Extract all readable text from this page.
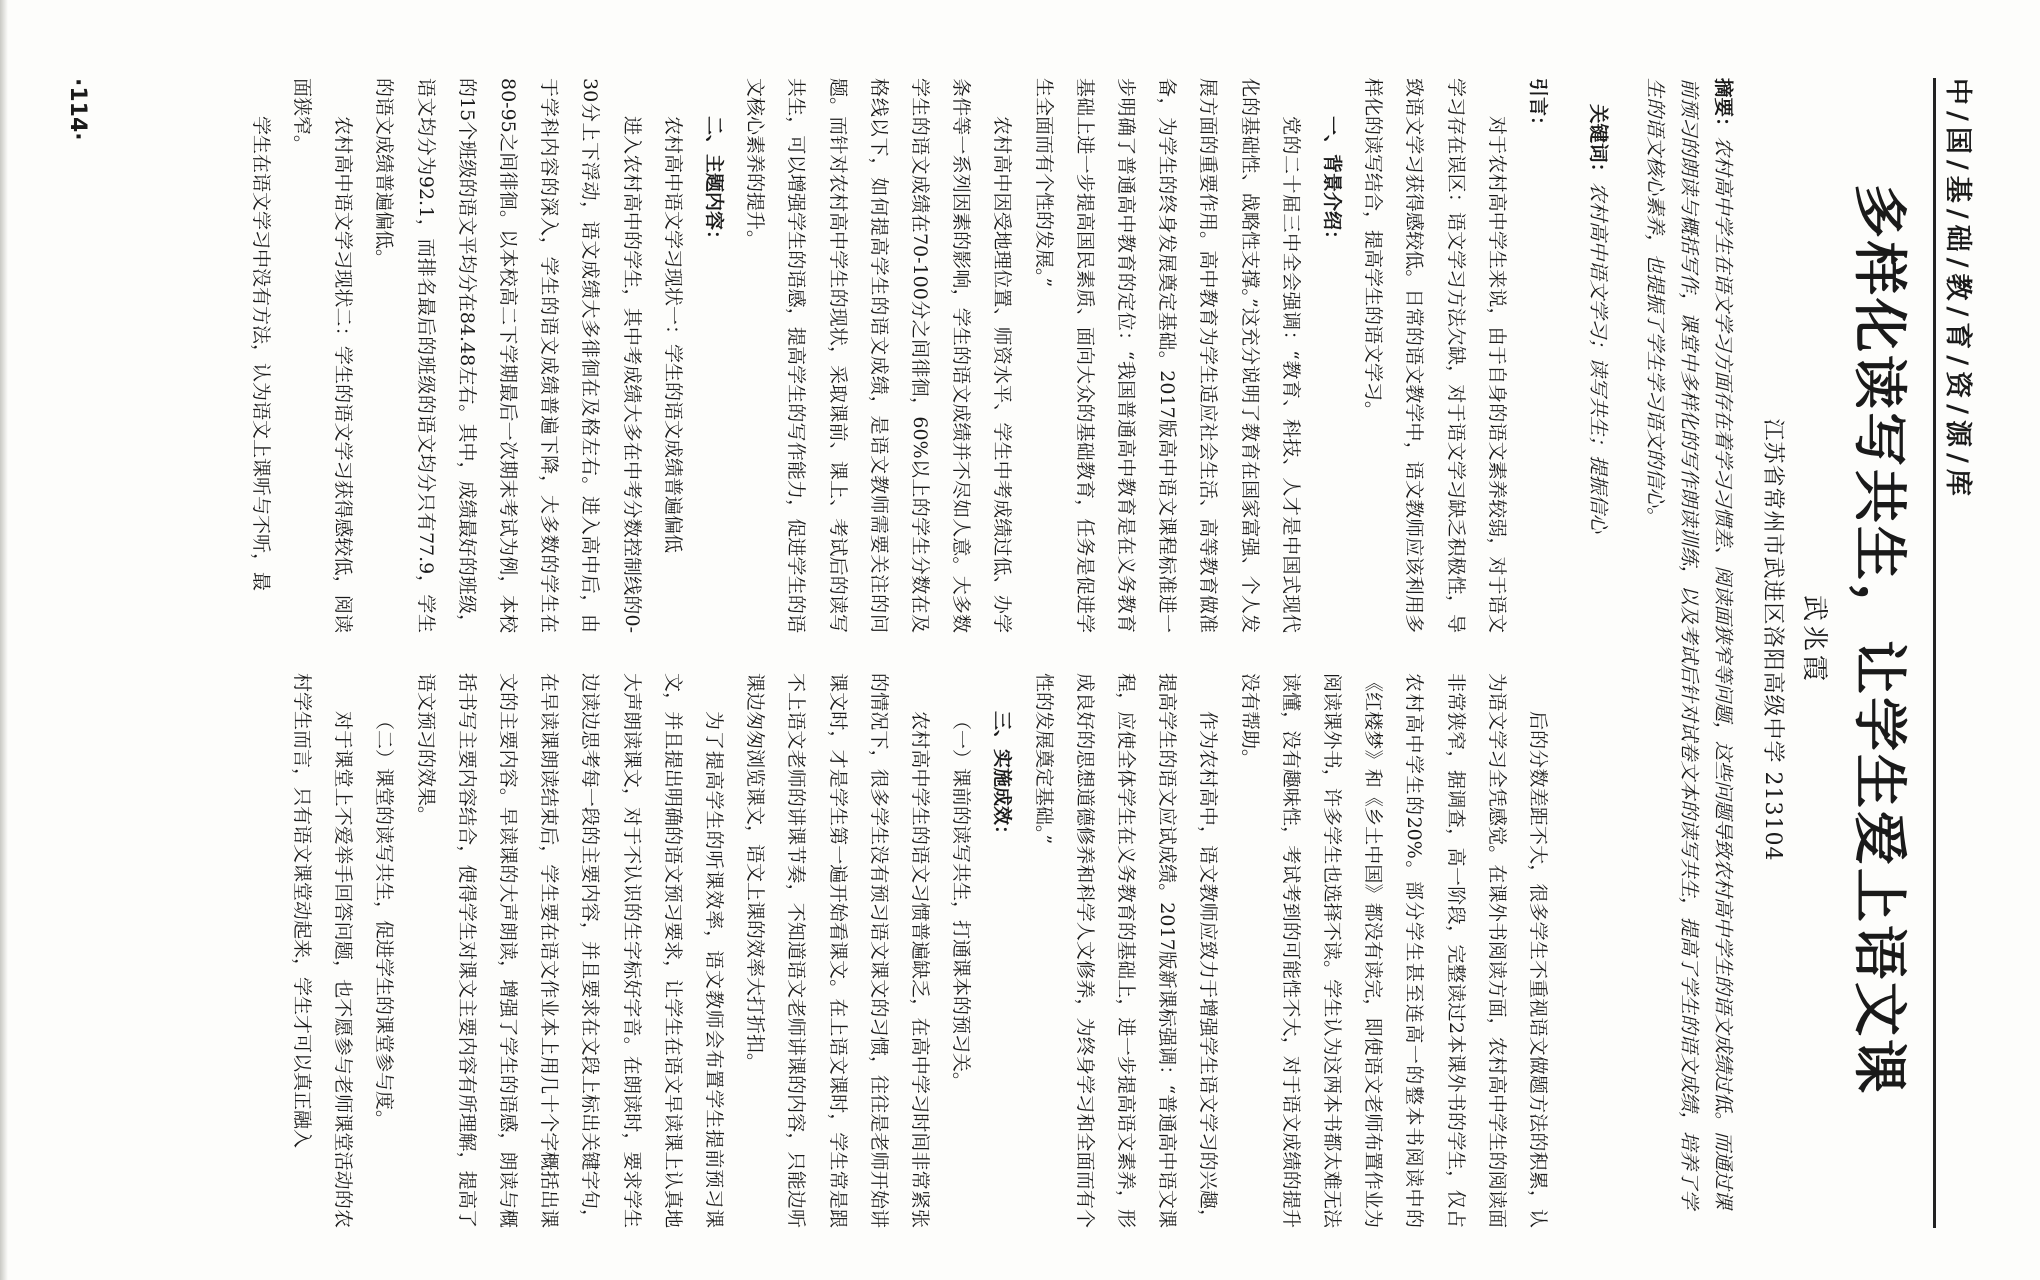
中/国/基/础/教/育/资/源/库
多样化读写共生，让学生爱上语文课
武兆霞
江苏省常州市武进区洛阳高级中学 213104
摘要：农村高中学生在语文学习方面存在着学习习惯差、阅读面狭窄等问题，这些问题导致农村高中学生的语文成绩过低。而通过课前预习的朗读与概括写作，课堂中多样化的写作朗读训练，以及考试后针对试卷文本的读写共生，提高了学生的语文成绩，培养了学生的语文核心素养，也提振了学生学习语文的信心。
关键词：农村高中语文学习；读写共生；提振信心
引言：

对于农村高中学生来说，由于自身的语文素养较弱，对于语文学习存在误区：语文学习方法欠缺，对于语文学习缺乏积极性，导致语文学习获得感较低。日常的语文教学中，语文教师应该利用多样化的读写结合，提高学生的语文学习。

一、背景介绍：

党的二十届三中全会强调：“教育、科技、人才是中国式现代化的基础性、战略性支撑。”这充分说明了教育在国家富强、个人发展方面的重要作用。高中教育为学生适应社会生活、高等教育做准备，为学生的终身发展奠定基础。2017版高中语文课程标准进一步明确了普通高中教育的定位：“我国普通高中教育是在义务教育基础上进一步提高国民素质、面向大众的基础教育，任务是促进学生全面而有个性的发展。”

农村高中因受地理位置、师资水平、学生中考成绩过低、办学条件等一系列因素的影响，学生的语文成绩并不尽如人意。大多数学生的语文成绩在70-100分之间徘徊，60%以上的学生分数在及格线以下，如何提高学生的语文成绩，是语文教师需要关注的问题。而针对农村高中学生的现状，采取课前、课上、考试后的读写共生，可以增强学生的语感，提高学生的写作能力，促进学生的语文核心素养的提升。

二、主题内容：

农村高中语文学习现状一：学生的语文成绩普遍偏低

进入农村高中的学生，其中考成绩大多在中考分数控制线的0-30分上下浮动，语文成绩大多徘徊在及格左右。进入高中后，由于学科内容的深入，学生的语文成绩普遍下降，大多数的学生在80-95之间徘徊。以本校高二下学期最后一次期末考试为例，本校的15个班级的语文平均分在84.48左右。其中，成绩最好的班级，语文均分为92.1，而排名最后的班级的语文均分只有77.9，学生的语文成绩普遍偏低。

农村高中语文学习现状二：学生的语文学习获得感较低，阅读面狭窄。

学生在语文学习中没有方法，认为语文上课听与不听，最

后的分数差距不大，很多学生不重视语文做题方法的积累，认为语文学习全凭感觉。在课外书阅读方面，农村高中学生的阅读面非常狭窄，据调查，高一阶段，完整读过2本课外书的学生，仅占农村高中学生的20%。部分学生甚至连高一的整本书阅读中的《红楼梦》和《乡土中国》都没有读完，即使语文老师布置作业为阅读课外书，许多学生也选择不读。学生认为这两本书都太难无法读懂，没有趣味性，考试考到的可能性不大，对于语文成绩的提升没有帮助。

作为农村高中，语文教师应致力于增强学生语文学习的兴趣，提高学生的语文应试成绩。2017版新课标强调：“普通高中语文课程，应使全体学生在义务教育的基础上，进一步提高语文素养，形成良好的思想道德修养和科学人文修养，为终身学习和全面而有个性的发展奠定基础。”

三、实施成效：

（一）课前的读写共生，打通课本的预习关。

农村高中学生的语文习惯普遍缺乏，在高中学习时间非常紧张的情况下，很多学生没有预习语文课文的习惯，往往是老师开始讲课文时，才是学生第一遍开始看课文。在上语文课时，学生常是跟不上语文老师的讲课节奏，不知道语文老师讲课的内容，只能边听课边匆匆浏览课文，语文上课的效率大打折扣。

为了提高学生的听课效率，语文教师会布置学生提前预习课文，并且提出明确的语文预习要求，让学生在语文早读课上认真地大声朗读课文，对于不认识的生字标好字音。在朗读时，要求学生边读边思考每一段的主要内容，并且要求在文段上标出关键字句，在早读课朗读结束后，学生要在语文作业本上用几十个字概括出课文的主要内容。早读课的大声朗读，增强了学生的语感，朗读与概括书写主要内容结合，使得学生对课文主要内容有所理解，提高了语文预习的效果。

（二）课堂的读写共生，促进学生的课堂参与度。

对于课堂上不爱举手回答问题，也不愿参与老师课堂活动的农村学生而言，只有语文课堂动起来，学生才可以真正融入

·114·
